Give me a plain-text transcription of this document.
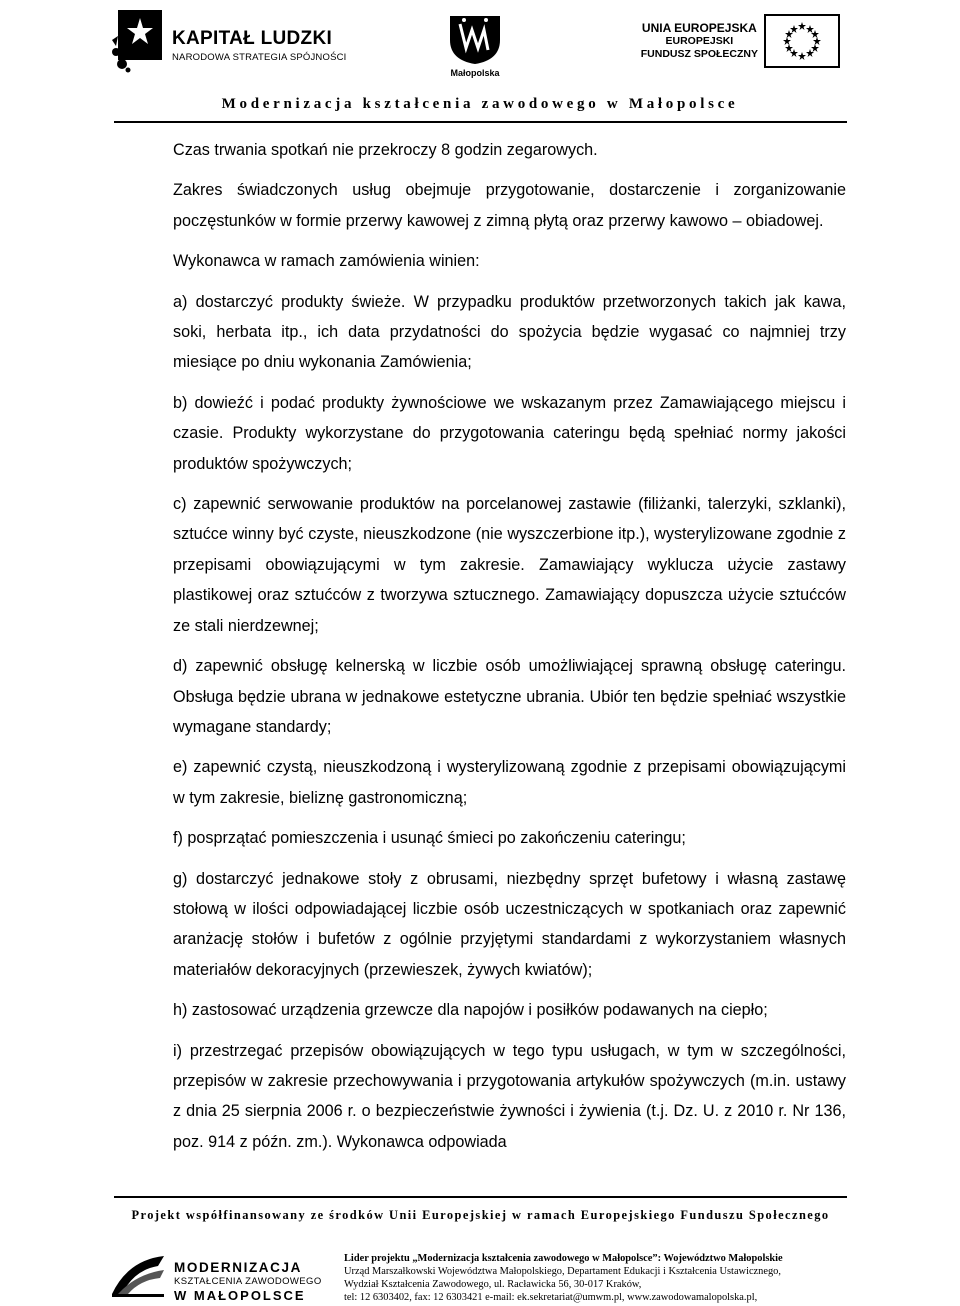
KAPITAŁ LUDZKI
NARODOWA STRATEGIA SPÓJNOŚCI
Małopolska
UNIA EUROPEJSKA
EUROPEJSKI
FUNDUSZ SPOŁECZNY
Modernizacja kształcenia zawodowego w Małopolsce

Czas trwania spotkań nie przekroczy 8 godzin zegarowych.

Zakres świadczonych usług obejmuje przygotowanie, dostarczenie i zorganizowanie poczęstunków w formie przerwy kawowej z zimną płytą oraz przerwy kawowo – obiadowej.

Wykonawca w ramach zamówienia winien:

a) dostarczyć produkty świeże. W przypadku produktów przetworzonych takich jak kawa, soki, herbata itp., ich data przydatności do spożycia będzie wygasać co najmniej trzy miesiące po dniu wykonania Zamówienia;

b) dowieźć i podać produkty żywnościowe we wskazanym przez Zamawiającego miejscu i czasie. Produkty wykorzystane do przygotowania cateringu będą spełniać normy jakości produktów spożywczych;

c) zapewnić serwowanie produktów na porcelanowej zastawie (filiżanki, talerzyki, szklanki), sztućce winny być czyste, nieuszkodzone (nie wyszczerbione itp.), wysterylizowane zgodnie z przepisami obowiązującymi w tym zakresie. Zamawiający wyklucza użycie zastawy plastikowej oraz sztućców z tworzywa sztucznego. Zamawiający dopuszcza użycie sztućców ze stali nierdzewnej;

d) zapewnić obsługę kelnerską w liczbie osób umożliwiającej sprawną obsługę cateringu. Obsługa będzie ubrana w jednakowe estetyczne ubrania. Ubiór ten będzie spełniać wszystkie wymagane standardy;

e) zapewnić czystą, nieuszkodzoną i wysterylizowaną zgodnie z przepisami obowiązującymi w tym zakresie, bieliznę gastronomiczną;

f) posprzątać pomieszczenia i usunąć śmieci po zakończeniu cateringu;

g) dostarczyć jednakowe stoły z obrusami, niezbędny sprzęt bufetowy i własną zastawę stołową w ilości odpowiadającej liczbie osób uczestniczących w spotkaniach oraz zapewnić aranżację stołów i bufetów z ogólnie przyjętymi standardami z wykorzystaniem własnych materiałów dekoracyjnych (przewieszek, żywych kwiatów);

h) zastosować urządzenia grzewcze dla napojów i posiłków podawanych na ciepło;

i) przestrzegać przepisów obowiązujących w tego typu usługach, w tym w szczególności, przepisów w zakresie przechowywania i przygotowania artykułów spożywczych (m.in. ustawy z dnia 25 sierpnia 2006 r. o bezpieczeństwie żywności i żywienia (t.j. Dz. U. z 2010 r. Nr 136, poz. 914 z późn. zm.). Wykonawca odpowiada

Projekt współfinansowany ze środków Unii Europejskiej w ramach Europejskiego Funduszu Społecznego
MODERNIZACJA
KSZTAŁCENIA ZAWODOWEGO
W MAŁOPOLSCE
Lider projektu „Modernizacja kształcenia zawodowego w Małopolsce”: Województwo Małopolskie
Urząd Marszałkowski Województwa Małopolskiego, Departament Edukacji i Kształcenia Ustawicznego,
Wydział Kształcenia Zawodowego, ul. Racławicka 56, 30-017 Kraków,
tel: 12 6303402, fax: 12 6303421 e-mail: ek.sekretariat@umwm.pl, www.zawodowamalopolska.pl,
